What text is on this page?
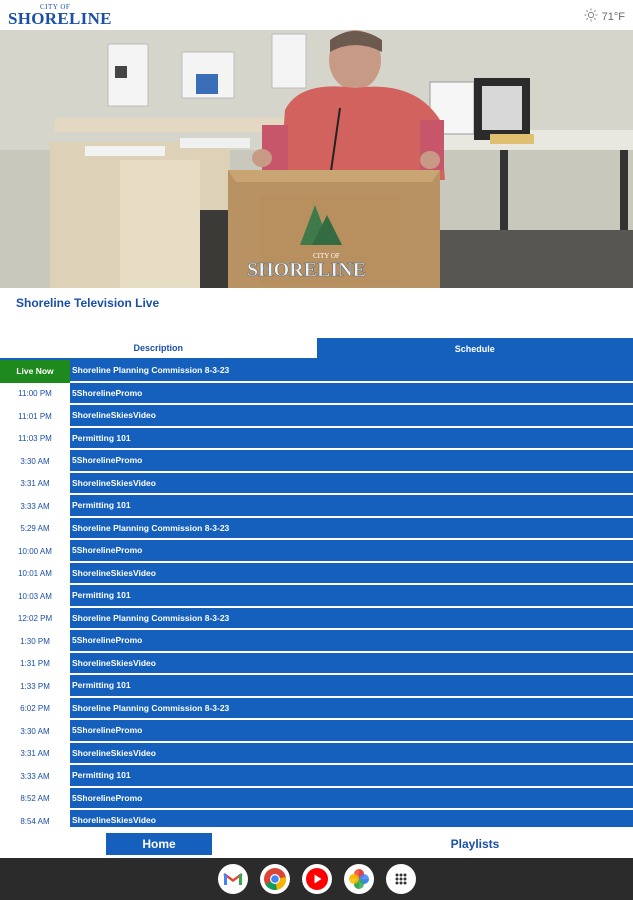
CITY OF
SHORELINE	71°F
CITY OF
SHORELINE
Shoreline Television Live
Description	Schedule
Live Now	Shoreline Planning Commission 8-3-23
11:00 PM	5ShorelinePromo
11:01 PM	ShorelineSkiesVideo
11:03 PM	Permitting 101
3:30 AM	5ShorelinePromo
3:31 AM	ShorelineSkiesVideo
3:33 AM	Permitting 101
5:29 AM	Shoreline Planning Commission 8-3-23
10:00 AM	5ShorelinePromo
10:01 AM	ShorelineSkiesVideo
10:03 AM	Permitting 101
12:02 PM	Shoreline Planning Commission 8-3-23
1:30 PM	5ShorelinePromo
1:31 PM	ShorelineSkiesVideo
1:33 PM	Permitting 101
6:02 PM	Shoreline Planning Commission 8-3-23
3:30 AM	5ShorelinePromo
3:31 AM	ShorelineSkiesVideo
3:33 AM	Permitting 101
8:52 AM	5ShorelinePromo
8:54 AM	ShorelineSkiesVideo
Home	Playlists
